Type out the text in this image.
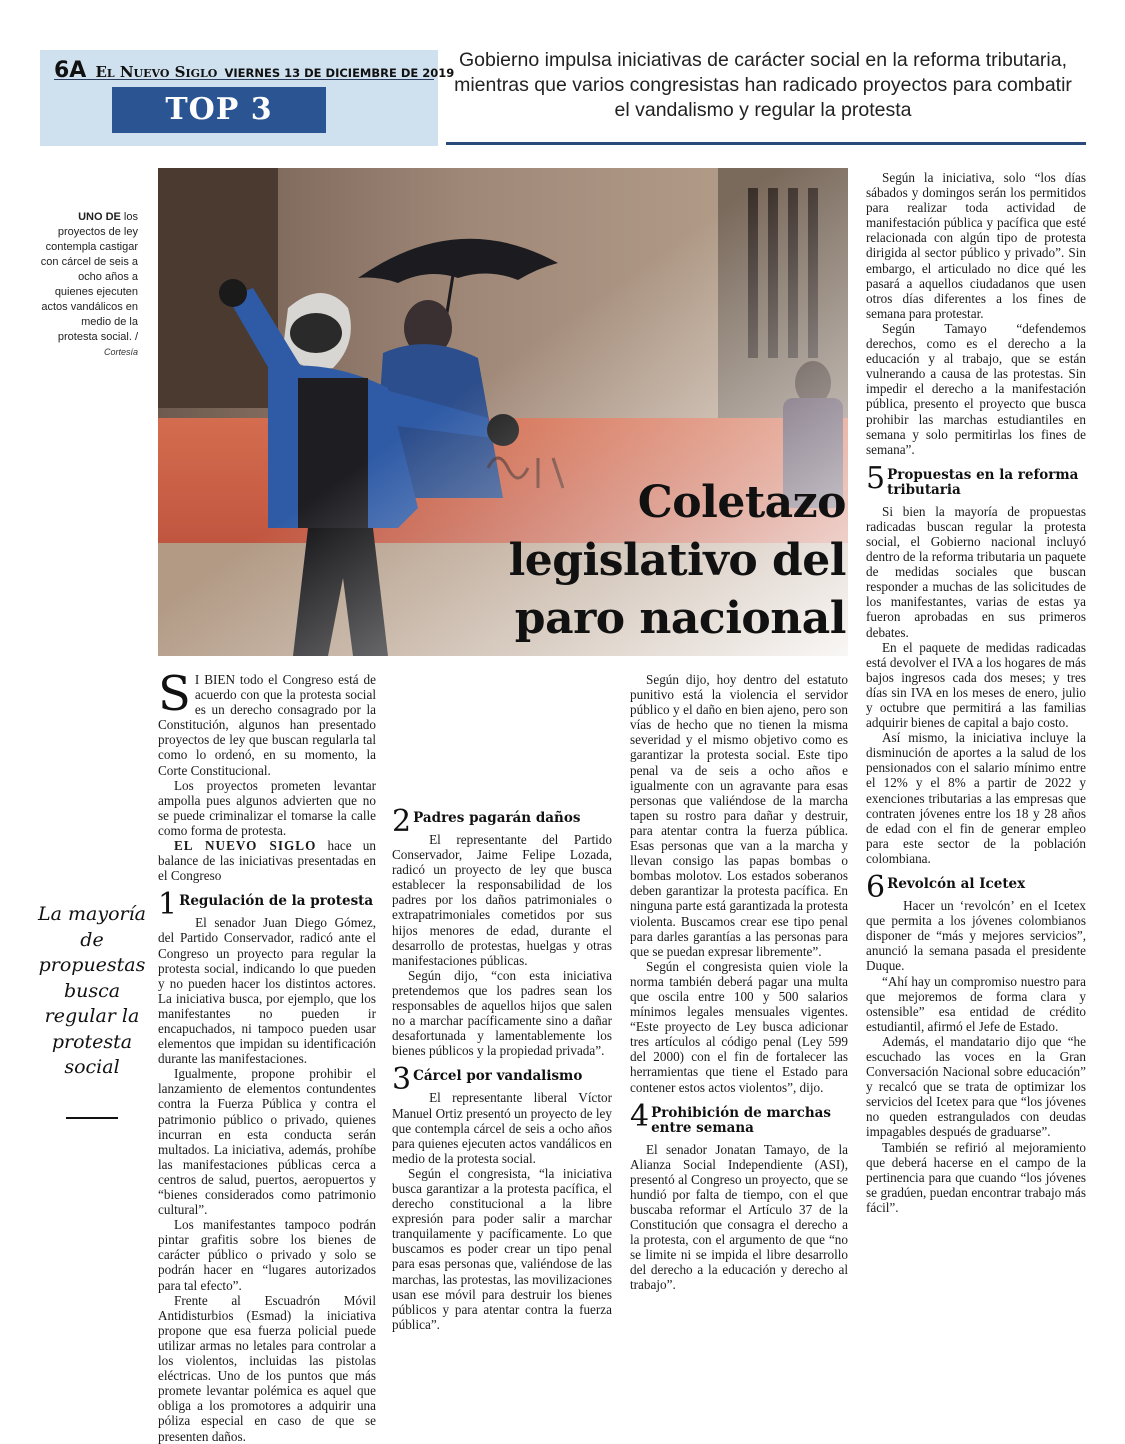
6A El Nuevo Siglo VIERNES 13 DE DICIEMBRE DE 2019
TOP 3
Gobierno impulsa iniciativas de carácter social en la reforma tributaria, mientras que varios congresistas han radicado proyectos para combatir el vandalismo y regular la protesta
UNO DE los proyectos de ley contempla castigar con cárcel de seis a ocho años a quienes ejecuten actos vandálicos en medio de la protesta social. /
Cortesía
Coletazo legislativo del paro nacional
La mayoría de propuestas busca regular la protesta social

S I BIEN todo el Congreso está de acuerdo con que la protesta social es un derecho consagrado por la Constitución, algunos han presentado proyectos de ley que buscan regularla tal como lo ordenó, en su momento, la Corte Constitucional.

Los proyectos prometen levantar ampolla pues algunos advierten que no se puede criminalizar el tomarse la calle como forma de protesta.

EL NUEVO SIGLO hace un balance de las iniciativas presentadas en el Congreso

1 Regulación de la protesta

El senador Juan Diego Gómez, del Partido Conservador, radicó ante el Congreso un proyecto para regular la protesta social, indicando lo que pueden y no pueden hacer los distintos actores. La iniciativa busca, por ejemplo, que los manifestantes no pueden ir encapuchados, ni tampoco pueden usar elementos que impidan su identificación durante las manifestaciones.

Igualmente, propone prohibir el lanzamiento de elementos contundentes contra la Fuerza Pública y contra el patrimonio público o privado, quienes incurran en esta conducta serán multados. La iniciativa, además, prohíbe las manifestaciones públicas cerca a centros de salud, puertos, aeropuertos y “bienes considerados como patrimonio cultural”.

Los manifestantes tampoco podrán pintar grafitis sobre los bienes de carácter público o privado y solo se podrán hacer en “lugares autorizados para tal efecto”.

Frente al Escuadrón Móvil Antidisturbios (Esmad) la iniciativa propone que esa fuerza policial puede utilizar armas no letales para controlar a los violentos, incluidas las pistolas eléctricas. Uno de los puntos que más promete levantar polémica es aquel que obliga a los promotores a adquirir una póliza especial en caso de que se presenten daños.

2 Padres pagarán daños

El representante del Partido Conservador, Jaime Felipe Lozada, radicó un proyecto de ley que busca establecer la responsabilidad de los padres por los daños patrimoniales o extrapatrimoniales cometidos por sus hijos menores de edad, durante el desarrollo de protestas, huelgas y otras manifestaciones públicas.

Según dijo, “con esta iniciativa pretendemos que los padres sean los responsables de aquellos hijos que salen no a marchar pacíficamente sino a dañar desafortunada y lamentablemente los bienes públicos y la propiedad privada”.

3 Cárcel por vandalismo

El representante liberal Víctor Manuel Ortiz presentó un proyecto de ley que contempla cárcel de seis a ocho años para quienes ejecuten actos vandálicos en medio de la protesta social.

Según el congresista, “la iniciativa busca garantizar a la protesta pacífica, el derecho constitucional a la libre expresión para poder salir a marchar tranquilamente y pacíficamente. Lo que buscamos es poder crear un tipo penal para esas personas que, valiéndose de las marchas, las protestas, las movilizaciones usan ese móvil para destruir los bienes públicos y para atentar contra la fuerza pública”.

Según dijo, hoy dentro del estatuto punitivo está la violencia el servidor público y el daño en bien ajeno, pero son vías de hecho que no tienen la misma severidad y el mismo objetivo como es garantizar la protesta social. Este tipo penal va de seis a ocho años e igualmente con un agravante para esas personas que valiéndose de la marcha tapen su rostro para dañar y destruir, para atentar contra la fuerza pública. Esas personas que van a la marcha y llevan consigo las papas bombas o bombas molotov. Los estados soberanos deben garantizar la protesta pacífica. En ninguna parte está garantizada la protesta violenta. Buscamos crear ese tipo penal para darles garantías a las personas para que se puedan expresar libremente”.

Según el congresista quien viole la norma también deberá pagar una multa que oscila entre 100 y 500 salarios mínimos legales mensuales vigentes. “Este proyecto de Ley busca adicionar tres artículos al código penal (Ley 599 del 2000) con el fin de fortalecer las herramientas que tiene el Estado para contener estos actos violentos”, dijo.

4 Prohibición de marchas entre semana

El senador Jonatan Tamayo, de la Alianza Social Independiente (ASI), presentó al Congreso un proyecto, que se hundió por falta de tiempo, con el que buscaba reformar el Artículo 37 de la Constitución que consagra el derecho a la protesta, con el argumento de que “no se limite ni se impida el libre desarrollo del derecho a la educación y derecho al trabajo”.

Según la iniciativa, solo “los días sábados y domingos serán los permitidos para realizar toda actividad de manifestación pública y pacífica que esté relacionada con algún tipo de protesta dirigida al sector público y privado”. Sin embargo, el articulado no dice qué les pasará a aquellos ciudadanos que usen otros días diferentes a los fines de semana para protestar.

Según Tamayo “defendemos derechos, como es el derecho a la educación y al trabajo, que se están vulnerando a causa de las protestas. Sin impedir el derecho a la manifestación pública, presento el proyecto que busca prohibir las marchas estudiantiles en semana y solo permitirlas los fines de semana”.

5 Propuestas en la reforma tributaria

Si bien la mayoría de propuestas radicadas buscan regular la protesta social, el Gobierno nacional incluyó dentro de la reforma tributaria un paquete de medidas sociales que buscan responder a muchas de las solicitudes de los manifestantes, varias de estas ya fueron aprobadas en sus primeros debates.

En el paquete de medidas radicadas está devolver el IVA a los hogares de más bajos ingresos cada dos meses; y tres días sin IVA en los meses de enero, julio y octubre que permitirá a las familias adquirir bienes de capital a bajo costo.

Así mismo, la iniciativa incluye la disminución de aportes a la salud de los pensionados con el salario mínimo entre el 12% y el 8% a partir de 2022 y exenciones tributarias a las empresas que contraten jóvenes entre los 18 y 28 años de edad con el fin de generar empleo para este sector de la población colombiana.

6 Revolcón al Icetex

Hacer un ‘revolcón’ en el Icetex que permita a los jóvenes colombianos disponer de “más y mejores servicios”, anunció la semana pasada el presidente Duque.

“Ahí hay un compromiso nuestro para que mejoremos de forma clara y ostensible” esa entidad de crédito estudiantil, afirmó el Jefe de Estado.

Además, el mandatario dijo que “he escuchado las voces en la Gran Conversación Nacional sobre educación” y recalcó que se trata de optimizar los servicios del Icetex para que “los jóvenes no queden estrangulados con deudas impagables después de graduarse”.

También se refirió al mejoramiento que deberá hacerse en el campo de la pertinencia para que cuando “los jóvenes se gradúen, puedan encontrar trabajo más fácil”.
